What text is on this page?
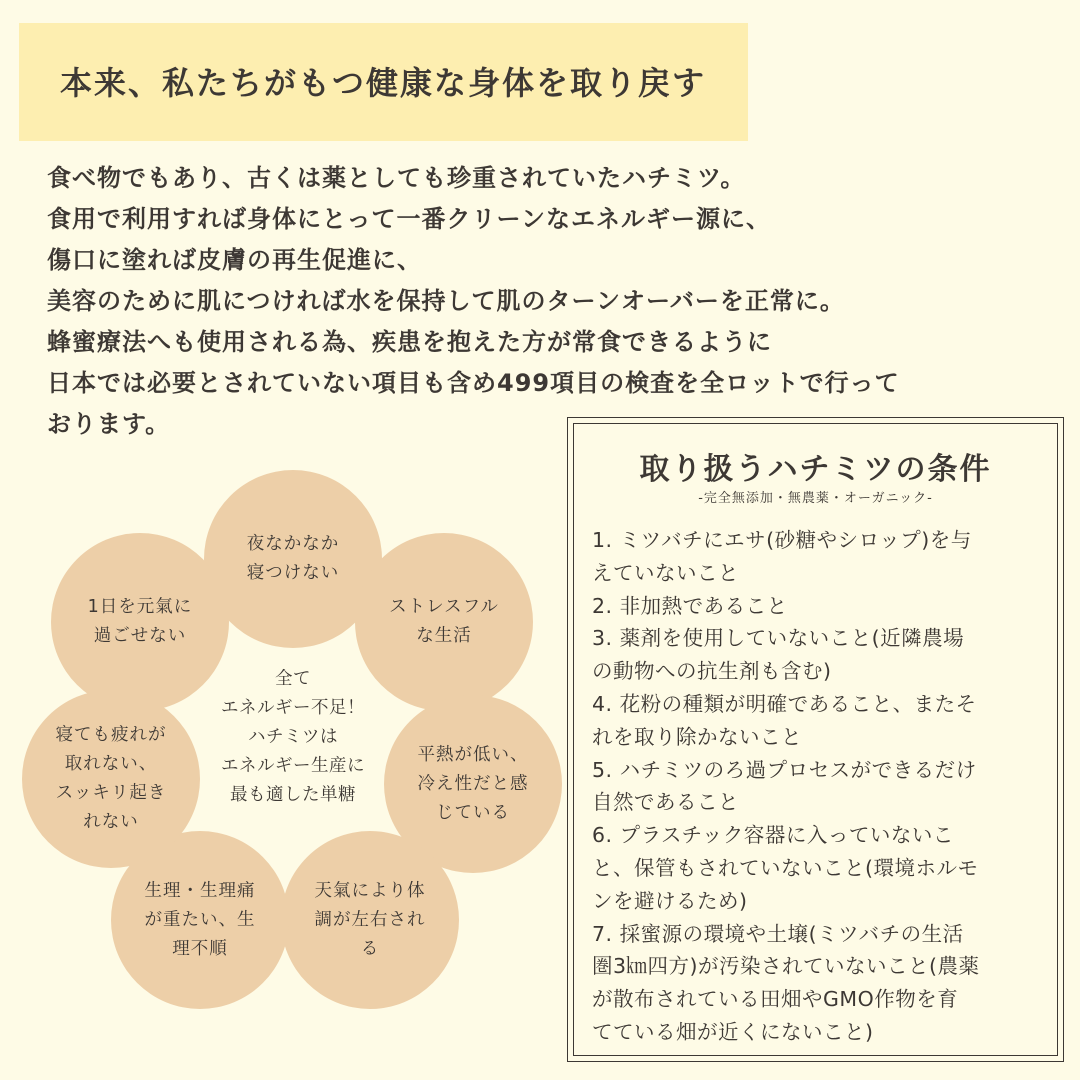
本来、私たちがもつ健康な身体を取り戻す
食べ物でもあり、古くは薬としても珍重されていたハチミツ。
食用で利用すれば身体にとって一番クリーンなエネルギー源に、
傷口に塗れば皮膚の再生促進に、
美容のために肌につければ水を保持して肌のターンオーバーを正常に。
蜂蜜療法へも使用される為、疾患を抱えた方が常食できるように
日本では必要とされていない項目も含め499項目の検査を全ロットで行って
おります。
夜なかなか
寝つけない
ストレスフル
な生活
平熱が低い、
冷え性だと感
じている
天氣により体
調が左右され
る
生理・生理痛
が重たい、生
理不順
寝ても疲れが
取れない、
スッキリ起き
れない
1日を元氣に
過ごせない
全て
エネルギー不足！
ハチミツは
エネルギー生産に
最も適した単糖
取り扱うハチミツの条件
-完全無添加・無農薬・オーガニック-
1. ミツバチにエサ(砂糖やシロップ)を与
えていないこと
2. 非加熱であること
3. 薬剤を使用していないこと(近隣農場
の動物への抗生剤も含む)
4. 花粉の種類が明確であること、またそ
れを取り除かないこと
5. ハチミツのろ過プロセスができるだけ
自然であること
6. プラスチック容器に入っていないこ
と、保管もされていないこと(環境ホルモ
ンを避けるため)
7. 採蜜源の環境や土壌(ミツバチの生活
圏3㎞四方)が汚染されていないこと(農薬
が散布されている田畑やGMO作物を育
てている畑が近くにないこと)
